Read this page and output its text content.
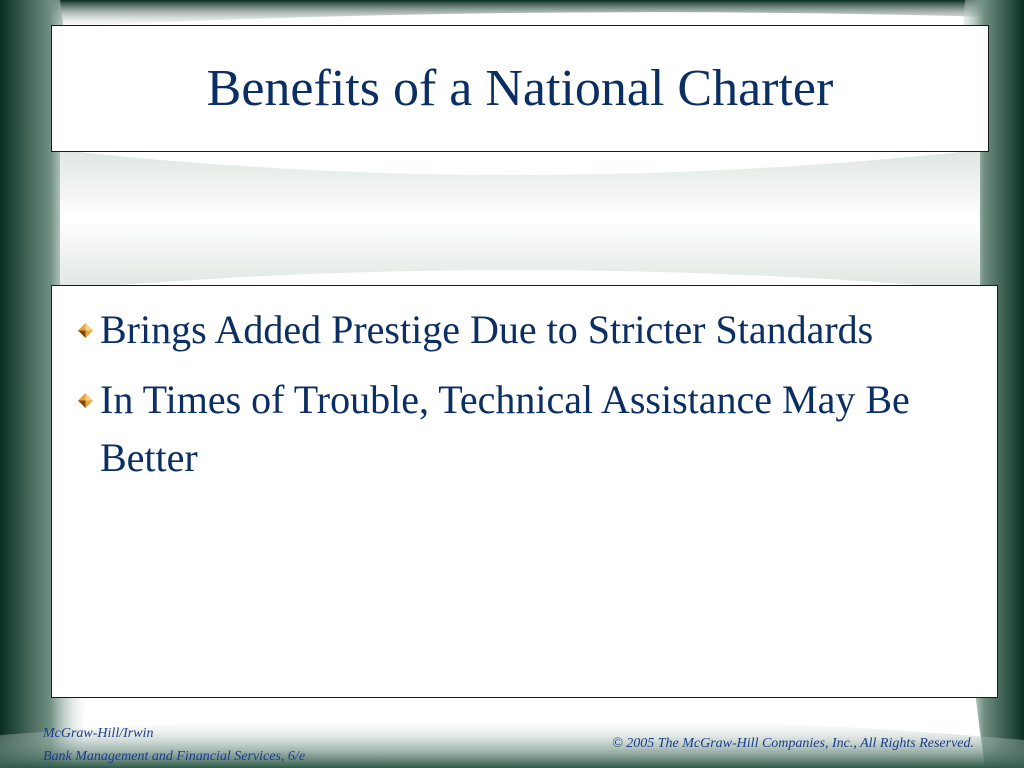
Benefits of a National Charter
Brings Added Prestige Due to Stricter Standards
In Times of Trouble, Technical Assistance May Be Better
McGraw-Hill/Irwin
Bank Management and Financial Services, 6/e
© 2005 The McGraw-Hill Companies, Inc., All Rights Reserved.
